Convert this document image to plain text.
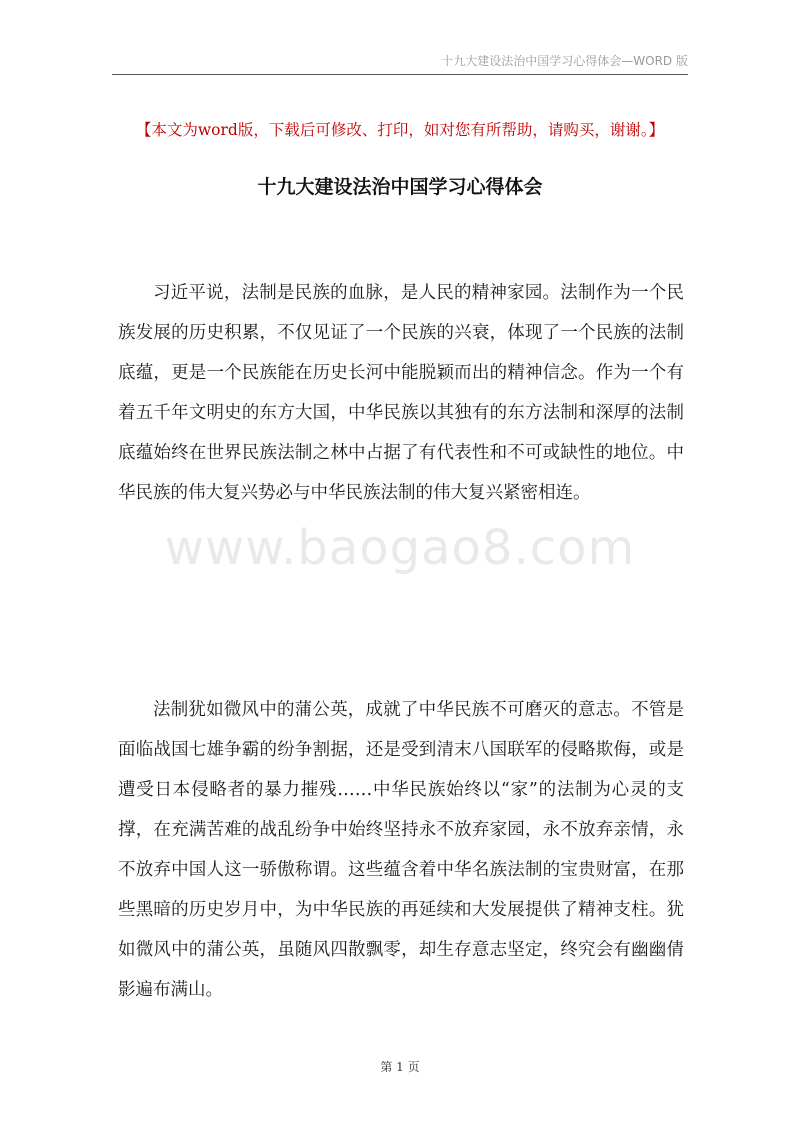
十九大建设法治中国学习心得体会—WORD 版
【本文为word版，下载后可修改、打印，如对您有所帮助，请购买，谢谢。】
十九大建设法治中国学习心得体会

习近平说，法制是民族的血脉，是人民的精神家园。法制作为一个民族发展的历史积累，不仅见证了一个民族的兴衰，体现了一个民族的法制底蕴，更是一个民族能在历史长河中能脱颖而出的精神信念。作为一个有着五千年文明史的东方大国，中华民族以其独有的东方法制和深厚的法制底蕴始终在世界民族法制之林中占据了有代表性和不可或缺性的地位。中华民族的伟大复兴势必与中华民族法制的伟大复兴紧密相连。

www.baogao8.com

法制犹如微风中的蒲公英，成就了中华民族不可磨灭的意志。不管是面临战国七雄争霸的纷争割据，还是受到清末八国联军的侵略欺侮，或是遭受日本侵略者的暴力摧残……中华民族始终以“家”的法制为心灵的支撑，在充满苦难的战乱纷争中始终坚持永不放弃家园，永不放弃亲情，永不放弃中国人这一骄傲称谓。这些蕴含着中华名族法制的宝贵财富，在那些黑暗的历史岁月中，为中华民族的再延续和大发展提供了精神支柱。犹如微风中的蒲公英，虽随风四散飘零，却生存意志坚定，终究会有幽幽倩影遍布满山。

第 1 页
